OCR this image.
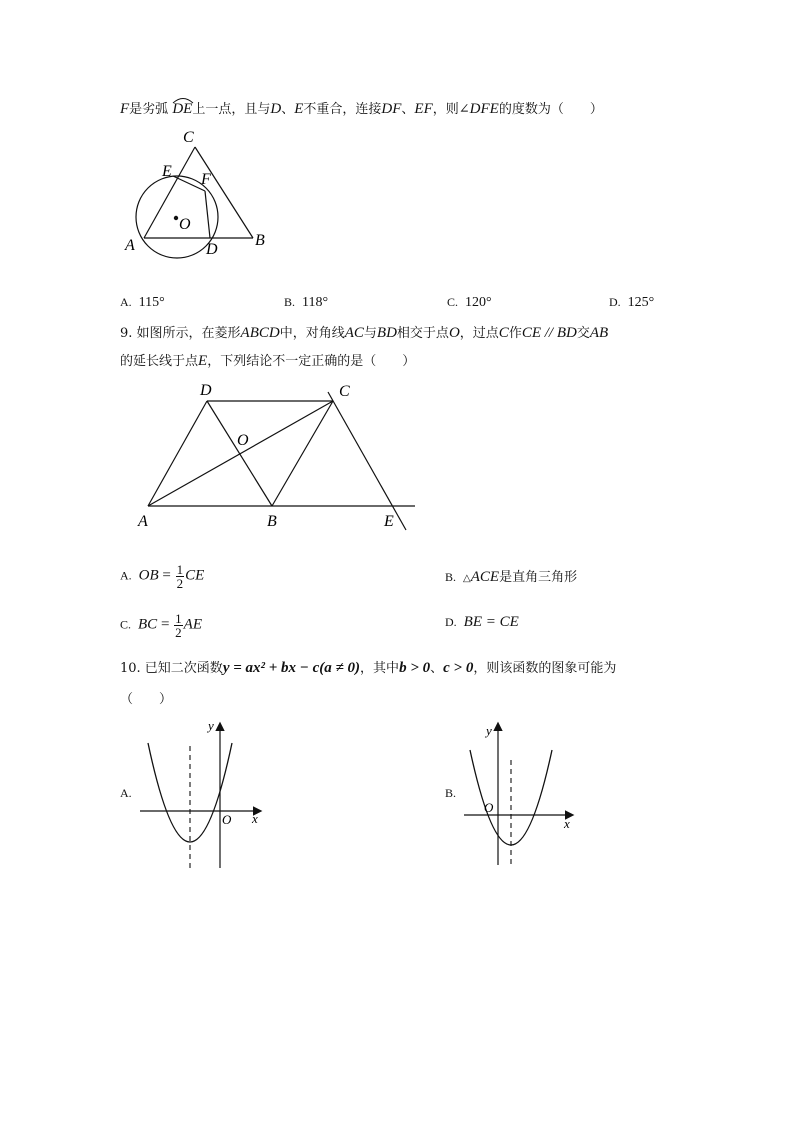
F是劣弧 DE上一点，且与D、E不重合，连接DF、EF，则∠DFE的度数为（　　）
C
E F
O
A	D
B
A. 115°	B. 118°	C. 120°	D. 125°
9. 如图所示，在菱形ABCD中，对角线AC与BD相交于点O，过点C作CE // BD交AB
的延长线于点E，下列结论不一定正确的是（　　）
D	C
O
A	B	E
A. OB = $\frac{1}{2}$ CE	B. △ACE是直角三角形
C. BC = $\frac{1}{2}$ AE	D. BE = CE
10. 已知二次函数y = ax² + bx − c(a ≠ 0)，其中b > 0、c > 0，则该函数的图象可能为
（　　）
A.
y
x
O
B.
y
x
O
